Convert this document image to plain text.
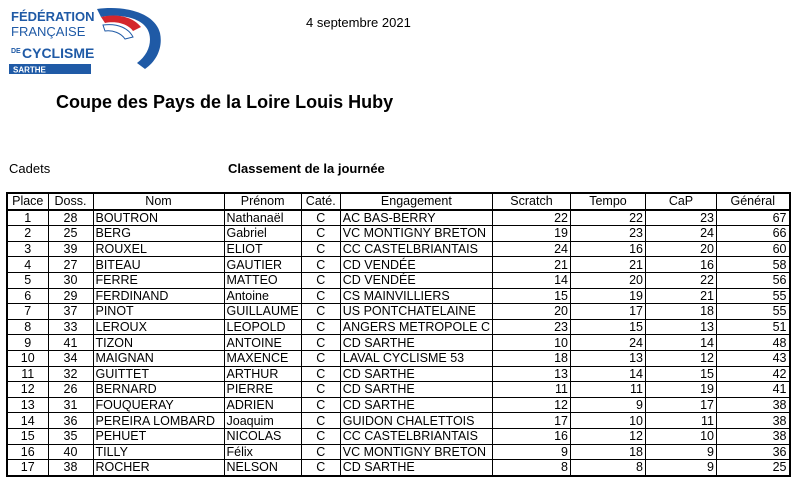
FÉDÉRATION
FRANÇAISE
DE CYCLISME
SARTHE
4 septembre 2021
Coupe des Pays de la Loire Louis Huby
Cadets	Classement de la journée
Place	Doss.	Nom	Prénom	Caté.	Engagement	Scratch	Tempo	CaP	Général
1	28	BOUTRON	Nathanaël	C	AC BAS-BERRY	22	22	23	67
2	25	BERG	Gabriel	C	VC MONTIGNY BRETON	19	23	24	66
3	39	ROUXEL	ELIOT	C	CC CASTELBRIANTAIS	24	16	20	60
4	27	BITEAU	GAUTIER	C	CD VENDÉE	21	21	16	58
5	30	FERRE	MATTEO	C	CD VENDÉE	14	20	22	56
6	29	FERDINAND	Antoine	C	CS MAINVILLIERS	15	19	21	55
7	37	PINOT	GUILLAUME	C	US PONTCHATELAINE	20	17	18	55
8	33	LEROUX	LEOPOLD	C	ANGERS METROPOLE C	23	15	13	51
9	41	TIZON	ANTOINE	C	CD SARTHE	10	24	14	48
10	34	MAIGNAN	MAXENCE	C	LAVAL CYCLISME 53	18	13	12	43
11	32	GUITTET	ARTHUR	C	CD SARTHE	13	14	15	42
12	26	BERNARD	PIERRE	C	CD SARTHE	11	11	19	41
13	31	FOUQUERAY	ADRIEN	C	CD SARTHE	12	9	17	38
14	36	PEREIRA LOMBARD	Joaquim	C	GUIDON CHALETTOIS	17	10	11	38
15	35	PEHUET	NICOLAS	C	CC CASTELBRIANTAIS	16	12	10	38
16	40	TILLY	Félix	C	VC MONTIGNY BRETON	9	18	9	36
17	38	ROCHER	NELSON	C	CD SARTHE	8	8	9	25
